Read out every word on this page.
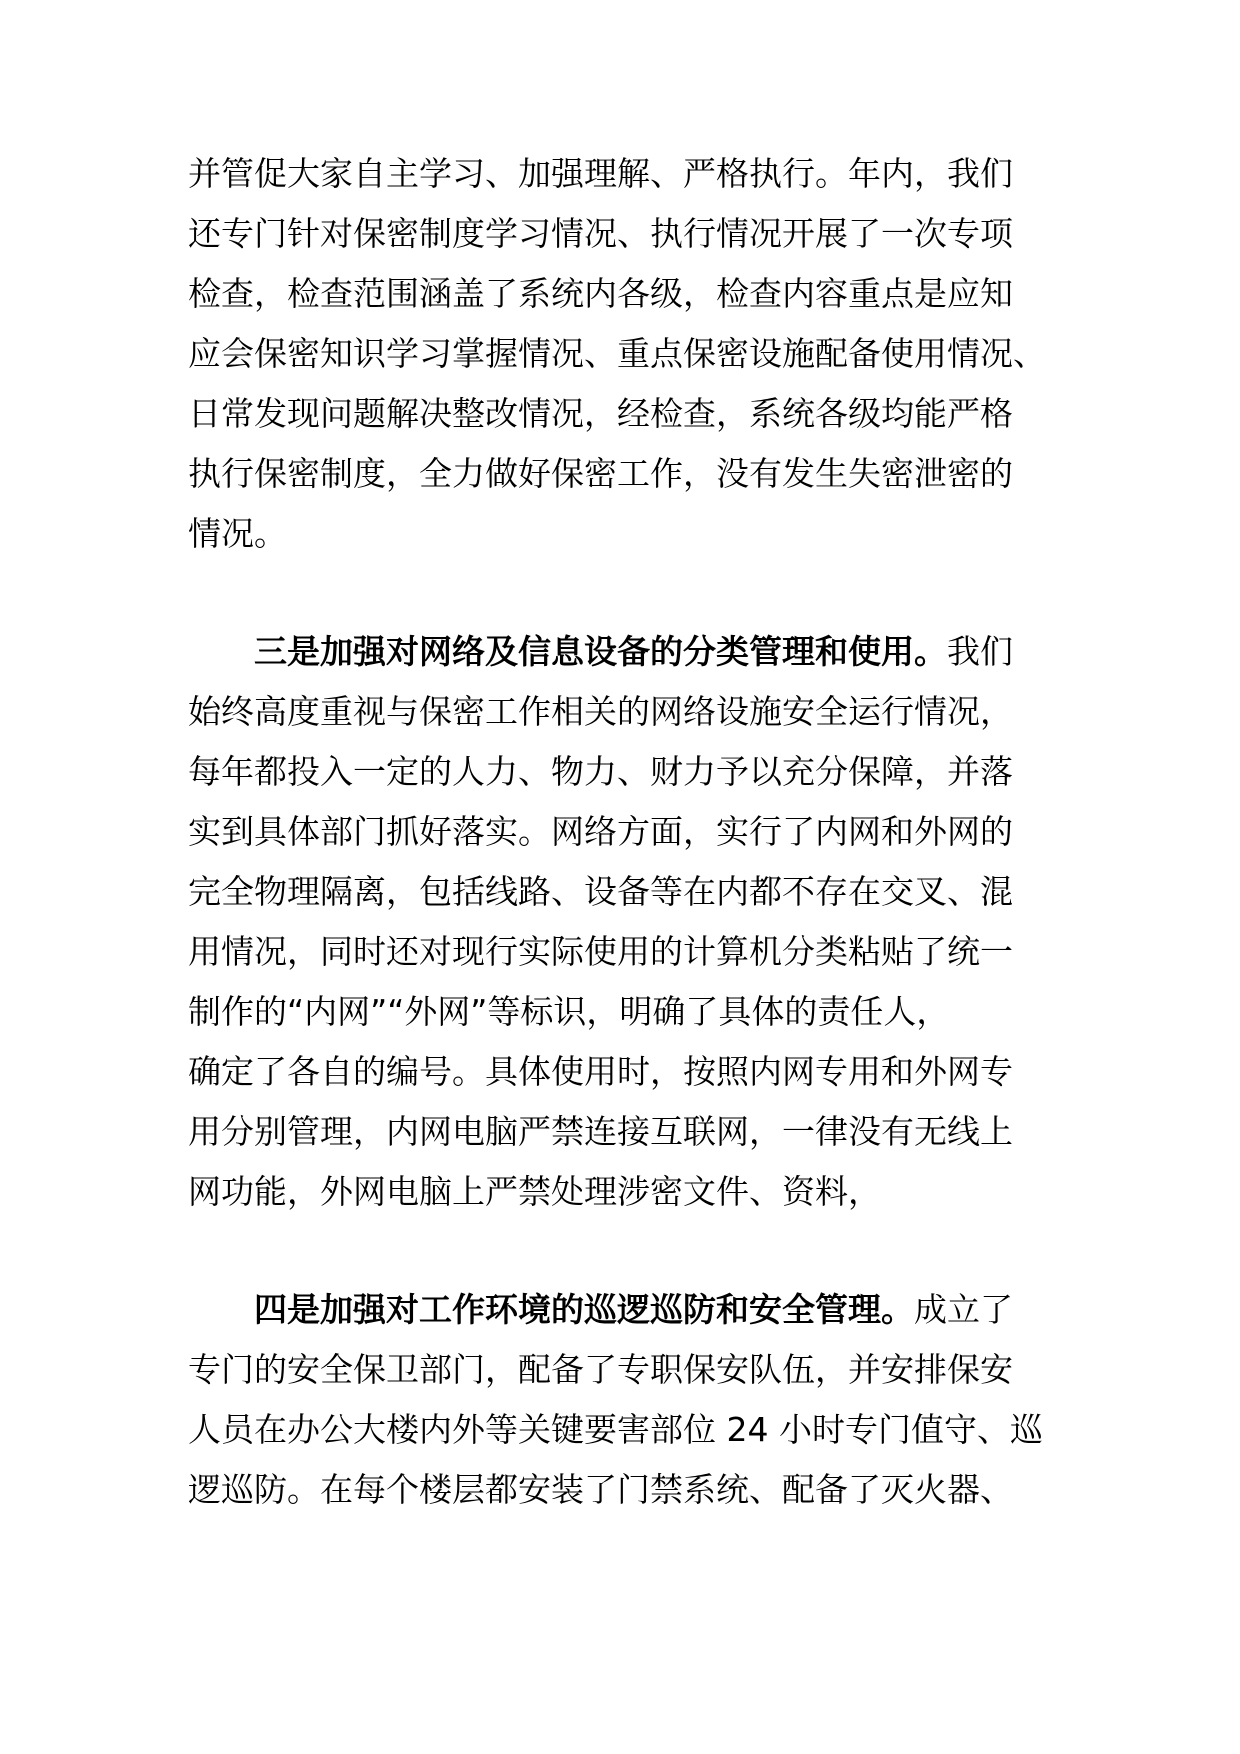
并管促大家自主学习、加强理解、严格执行。年内，我们
还专门针对保密制度学习情况、执行情况开展了一次专项
检查，检查范围涵盖了系统内各级，检查内容重点是应知
应会保密知识学习掌握情况、重点保密设施配备使用情况、
日常发现问题解决整改情况，经检查，系统各级均能严格
执行保密制度，全力做好保密工作，没有发生失密泄密的
情况。
三是加强对网络及信息设备的分类管理和使用。我们
始终高度重视与保密工作相关的网络设施安全运行情况，
每年都投入一定的人力、物力、财力予以充分保障，并落
实到具体部门抓好落实。网络方面，实行了内网和外网的
完全物理隔离，包括线路、设备等在内都不存在交叉、混
用情况，同时还对现行实际使用的计算机分类粘贴了统一
制作的“内网”“外网”等标识，明确了具体的责任人，
确定了各自的编号。具体使用时，按照内网专用和外网专
用分别管理，内网电脑严禁连接互联网，一律没有无线上
网功能，外网电脑上严禁处理涉密文件、资料，
四是加强对工作环境的巡逻巡防和安全管理。成立了
专门的安全保卫部门，配备了专职保安队伍，并安排保安
人员在办公大楼内外等关键要害部位 24 小时专门值守、巡
逻巡防。在每个楼层都安装了门禁系统、配备了灭火器、
